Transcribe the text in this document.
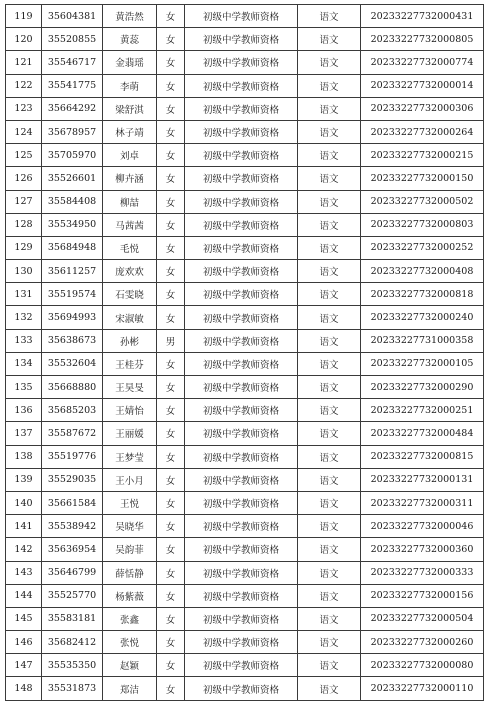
119	35604381	黄浩然	女	初级中学教师资格	语文	20233227732000431
120	35520855	黄蕊	女	初级中学教师资格	语文	20233227732000805
121	35546717	金翡瑶	女	初级中学教师资格	语文	20233227732000774
122	35541775	李萌	女	初级中学教师资格	语文	20233227732000014
123	35664292	梁舒淇	女	初级中学教师资格	语文	20233227732000306
124	35678957	林子靖	女	初级中学教师资格	语文	20233227732000264
125	35705970	刘卓	女	初级中学教师资格	语文	20233227732000215
126	35526601	柳卉涵	女	初级中学教师资格	语文	20233227732000150
127	35584408	柳喆	女	初级中学教师资格	语文	20233227732000502
128	35534950	马茜茜	女	初级中学教师资格	语文	20233227732000803
129	35684948	毛悦	女	初级中学教师资格	语文	20233227732000252
130	35611257	庞欢欢	女	初级中学教师资格	语文	20233227732000408
131	35519574	石雯晓	女	初级中学教师资格	语文	20233227732000818
132	35694993	宋淑敏	女	初级中学教师资格	语文	20233227732000240
133	35638673	孙彬	男	初级中学教师资格	语文	20233227731000358
134	35532604	王桂芬	女	初级中学教师资格	语文	20233227732000105
135	35668880	王昊旻	女	初级中学教师资格	语文	20233227732000290
136	35685203	王婧怡	女	初级中学教师资格	语文	20233227732000251
137	35587672	王丽媛	女	初级中学教师资格	语文	20233227732000484
138	35519776	王梦莹	女	初级中学教师资格	语文	20233227732000815
139	35529035	王小月	女	初级中学教师资格	语文	20233227732000131
140	35661584	王悦	女	初级中学教师资格	语文	20233227732000311
141	35538942	吴晓华	女	初级中学教师资格	语文	20233227732000046
142	35636954	吴韵菲	女	初级中学教师资格	语文	20233227732000360
143	35646799	薛恬静	女	初级中学教师资格	语文	20233227732000333
144	35525770	杨紫薇	女	初级中学教师资格	语文	20233227732000156
145	35583181	张鑫	女	初级中学教师资格	语文	20233227732000504
146	35682412	张悦	女	初级中学教师资格	语文	20233227732000260
147	35535350	赵颖	女	初级中学教师资格	语文	20233227732000080
148	35531873	郑洁	女	初级中学教师资格	语文	20233227732000110
